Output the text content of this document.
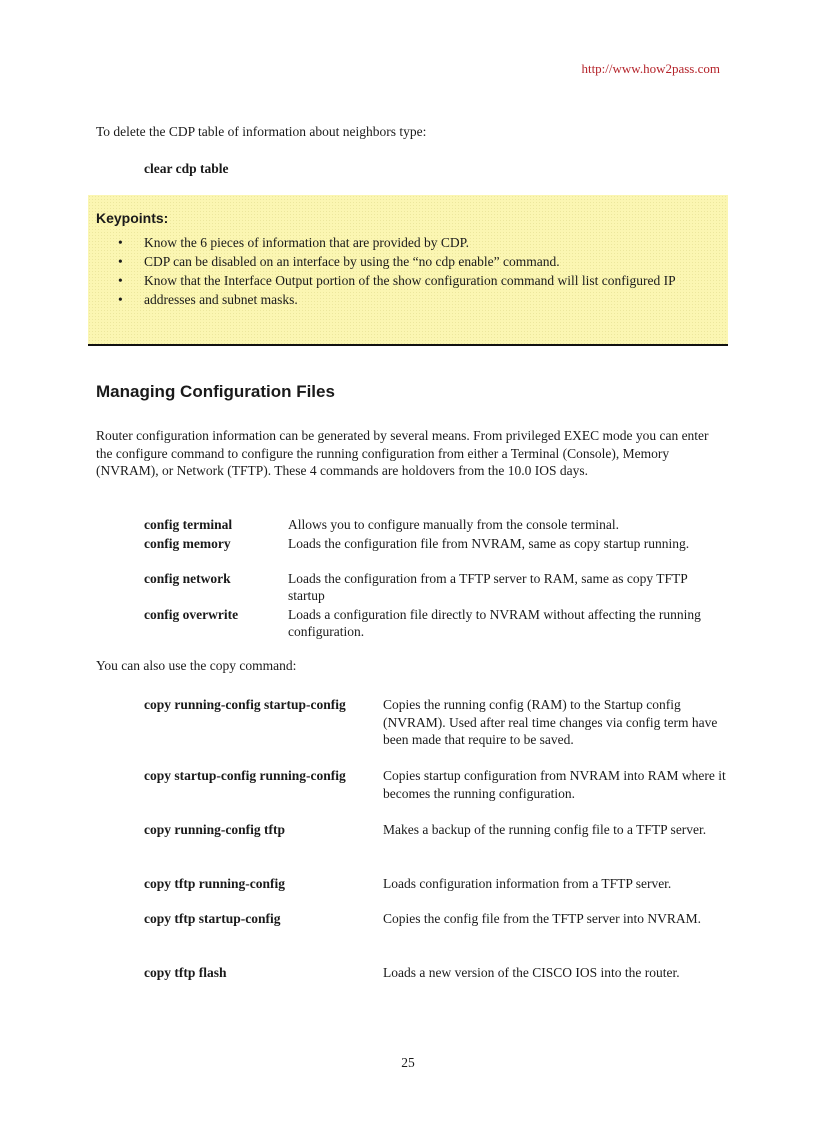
http://www.how2pass.com
To delete the CDP table of information about neighbors type:
clear cdp table
Keypoints:
• Know the 6 pieces of information that are provided by CDP.
• CDP can be disabled on an interface by using the “no cdp enable” command.
• Know that the Interface Output portion of the show configuration command will list configured IP
• addresses and subnet masks.
Managing Configuration Files
Router configuration information can be generated by several means. From privileged EXEC mode you can enter the configure command to configure the running configuration from either a Terminal (Console), Memory (NVRAM), or Network (TFTP). These 4 commands are holdovers from the 10.0 IOS days.
config terminal	Allows you to configure manually from the console terminal.
config memory	Loads the configuration file from NVRAM, same as copy startup running.
config network	Loads the configuration from a TFTP server to RAM, same as copy TFTP startup
config overwrite	Loads a configuration file directly to NVRAM without affecting the running configuration.
You can also use the copy command:
copy running-config startup-config	Copies the running config (RAM) to the Startup config (NVRAM). Used after real time changes via config term have been made that require to be saved.
copy startup-config running-config	Copies startup configuration from NVRAM into RAM where it becomes the running configuration.
copy running-config tftp	Makes a backup of the running config file to a TFTP server.
copy tftp running-config	Loads configuration information from a TFTP server.
copy tftp startup-config	Copies the config file from the TFTP server into NVRAM.
copy tftp flash	Loads a new version of the CISCO IOS into the router.
25
